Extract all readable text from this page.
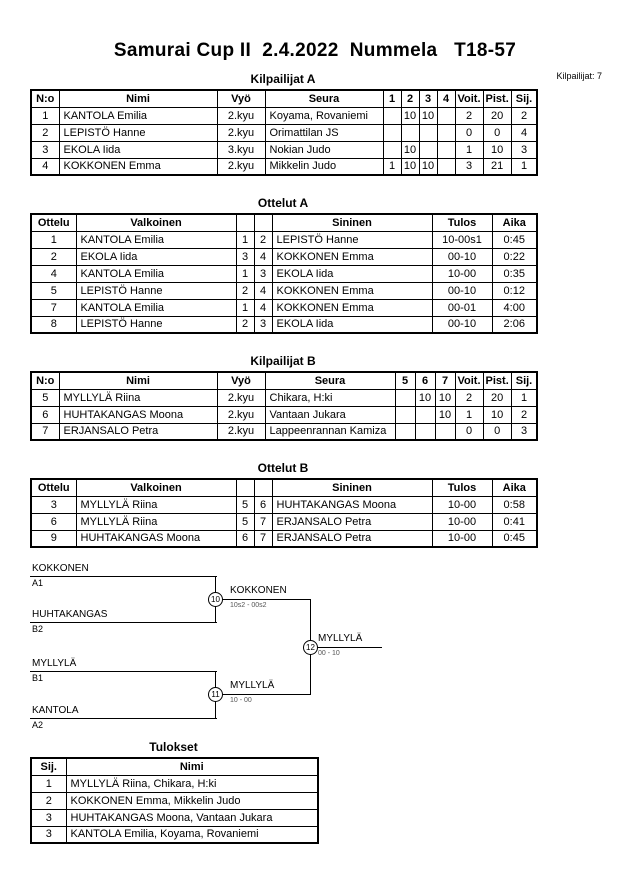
Samurai Cup II  2.4.2022  Nummela   T18-57
Kilpailijat: 7
Kilpailijat A
N:o	Nimi	Vyö	Seura	1	2	3	4	Voit.	Pist.	Sij.
1	KANTOLA Emilia	2.kyu	Koyama, Rovaniemi		10	10		2	20	2
2	LEPISTÖ Hanne	2.kyu	Orimattilan JS					0	0	4
3	EKOLA Iida	3.kyu	Nokian Judo		10			1	10	3
4	KOKKONEN Emma	2.kyu	Mikkelin Judo	1	10	10		3	21	1
Ottelut A
Ottelu	Valkoinen			Sininen	Tulos	Aika
1	KANTOLA Emilia	1	2	LEPISTÖ Hanne	10-00s1	0:45
2	EKOLA Iida	3	4	KOKKONEN Emma	00-10	0:22
4	KANTOLA Emilia	1	3	EKOLA Iida	10-00	0:35
5	LEPISTÖ Hanne	2	4	KOKKONEN Emma	00-10	0:12
7	KANTOLA Emilia	1	4	KOKKONEN Emma	00-01	4:00
8	LEPISTÖ Hanne	2	3	EKOLA Iida	00-10	2:06
Kilpailijat B
N:o	Nimi	Vyö	Seura	5	6	7	Voit.	Pist.	Sij.
5	MYLLYLÄ Riina	2.kyu	Chikara, H:ki		10	10	2	20	1
6	HUHTAKANGAS Moona	2.kyu	Vantaan Jukara			10	1	10	2
7	ERJANSALO Petra	2.kyu	Lappeenrannan Kamiza				0	0	3
Ottelut B
Ottelu	Valkoinen			Sininen	Tulos	Aika
3	MYLLYLÄ Riina	5	6	HUHTAKANGAS Moona	10-00	0:58
6	MYLLYLÄ Riina	5	7	ERJANSALO Petra	10-00	0:41
9	HUHTAKANGAS Moona	6	7	ERJANSALO Petra	10-00	0:45
KOKKONEN
A1
HUHTAKANGAS
B2
MYLLYLÄ
B1
KANTOLA
A2
KOKKONEN
10s2 - 00s2
MYLLYLÄ
10 - 00
MYLLYLÄ
00 - 10
10
11
12
Tulokset
Sij.	Nimi
1	MYLLYLÄ Riina, Chikara, H:ki
2	KOKKONEN Emma, Mikkelin Judo
3	HUHTAKANGAS Moona, Vantaan Jukara
3	KANTOLA Emilia, Koyama, Rovaniemi
